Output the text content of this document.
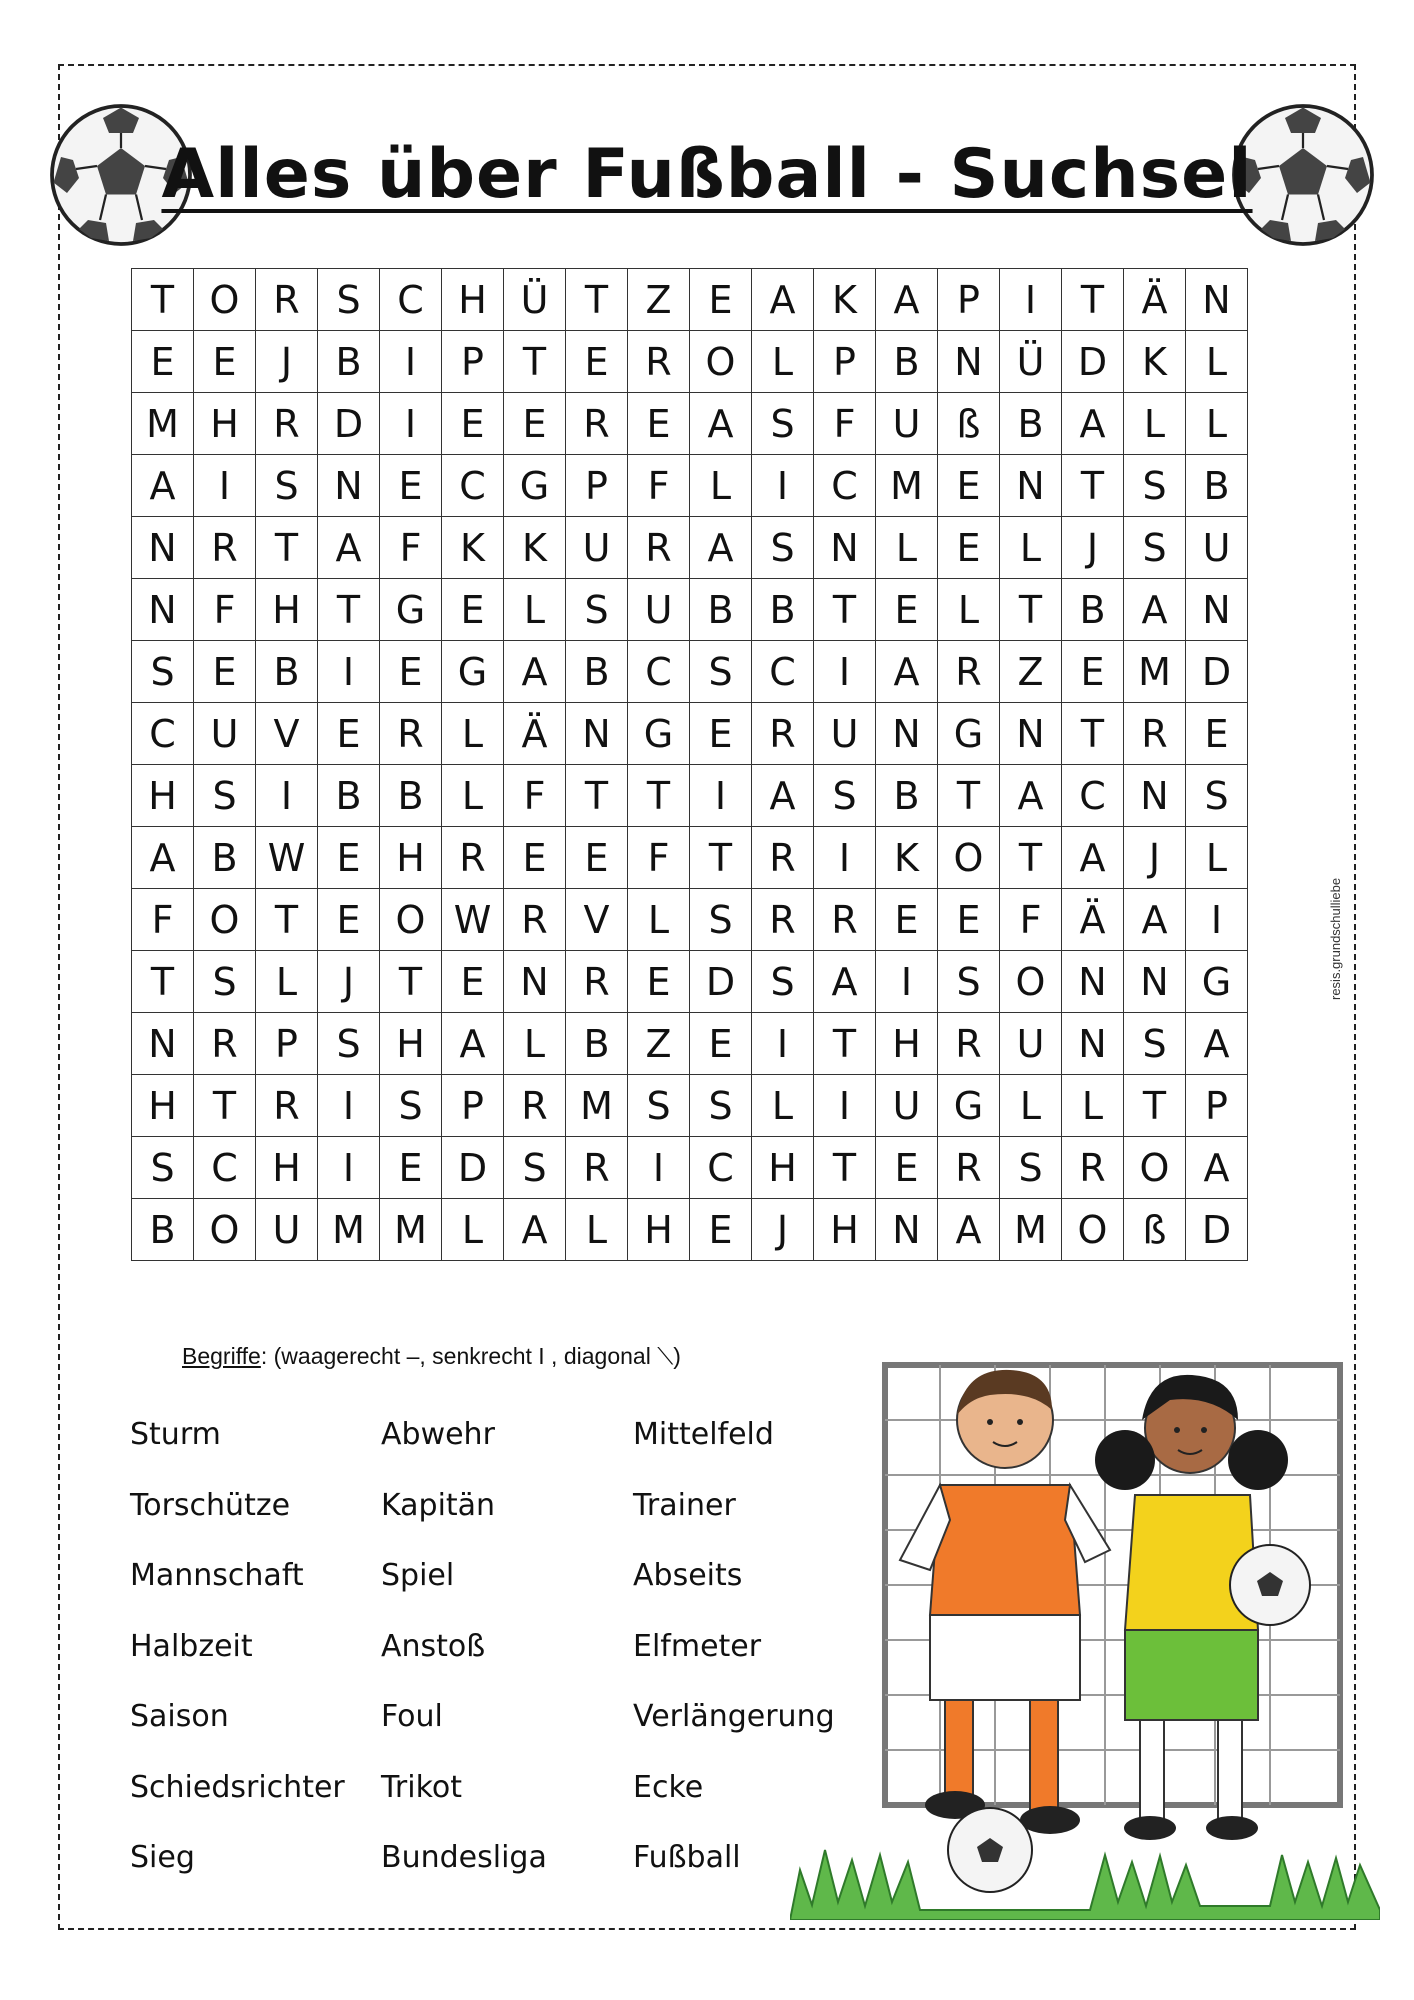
Alles über Fußball - Suchsel
T	O	R	S	C	H	Ü	T	Z	E	A	K	A	P	I	T	Ä	N
E	E	J	B	I	P	T	E	R	O	L	P	B	N	Ü	D	K	L
M	H	R	D	I	E	E	R	E	A	S	F	U	ß	B	A	L	L
A	I	S	N	E	C	G	P	F	L	I	C	M	E	N	T	S	B
N	R	T	A	F	K	K	U	R	A	S	N	L	E	L	J	S	U
N	F	H	T	G	E	L	S	U	B	B	T	E	L	T	B	A	N
S	E	B	I	E	G	A	B	C	S	C	I	A	R	Z	E	M	D
C	U	V	E	R	L	Ä	N	G	E	R	U	N	G	N	T	R	E
H	S	I	B	B	L	F	T	T	I	A	S	B	T	A	C	N	S
A	B	W	E	H	R	E	E	F	T	R	I	K	O	T	A	J	L
F	O	T	E	O	W	R	V	L	S	R	R	E	E	F	Ä	A	I
T	S	L	J	T	E	N	R	E	D	S	A	I	S	O	N	N	G
N	R	P	S	H	A	L	B	Z	E	I	T	H	R	U	N	S	A
H	T	R	I	S	P	R	M	S	S	L	I	U	G	L	L	T	P
S	C	H	I	E	D	S	R	I	C	H	T	E	R	S	R	O	A
B	O	U	M	M	L	A	L	H	E	J	H	N	A	M	O	ß	D
resis.grundschulliebe
Begriffe: (waagerecht –, senkrecht I , diagonal ⟍)
Sturm
Torschütze
Mannschaft
Halbzeit
Saison
Schiedsrichter
Sieg
Abwehr
Kapitän
Spiel
Anstoß
Foul
Trikot
Bundesliga
Mittelfeld
Trainer
Abseits
Elfmeter
Verlängerung
Ecke
Fußball
